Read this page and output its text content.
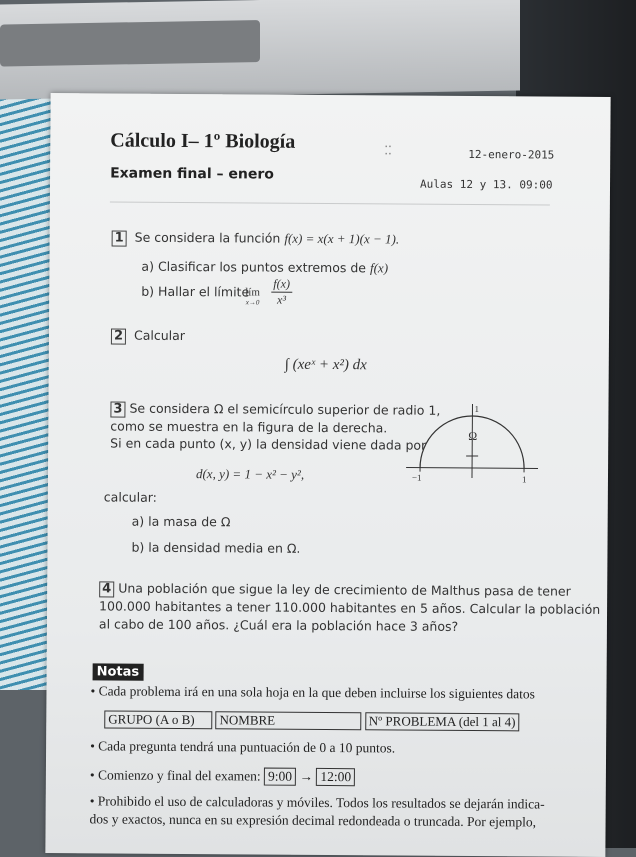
Cálculo I– 1º Biología	⁚⁚	12-enero-2015
Examen final – enero
Aulas 12 y 13. 09:00
1 Se considera la función f(x) = x(x + 1)(x − 1).
a) Clasificar los puntos extremos de f(x)
b) Hallar el límite
lím
$x\to 0 \frac{f(x)}{\text{x³}}$
2 Calcular
∫ (xeˣ + x²) dx
3 Se considera Ω el semicírculo superior de radio 1,
como se muestra en la figura de la derecha.
Si en cada punto (x, y) la densidad viene dada por
d(x, y) = 1 − x² − y²,
calcular:
a) la masa de Ω
b) la densidad media en Ω.
Ω
1
−1	1
4 Una población que sigue la ley de crecimiento de Malthus pasa de tener
100.000 habitantes a tener 110.000 habitantes en 5 años. Calcular la población
al cabo de 100 años. ¿Cuál era la población hace 3 años?
Notas
• Cada problema irá en una sola hoja en la que deben incluirse los siguientes datos
GRUPO (A o B) NOMBRE	Nº PROBLEMA (del 1 al 4)
• Cada pregunta tendrá una puntuación de 0 a 10 puntos.
• Comienzo y final del examen: 9:00 → 12:00
• Prohibido el uso de calculadoras y móviles. Todos los resultados se dejarán indica-
dos y exactos, nunca en su expresión decimal redondeada o truncada. Por ejemplo,
